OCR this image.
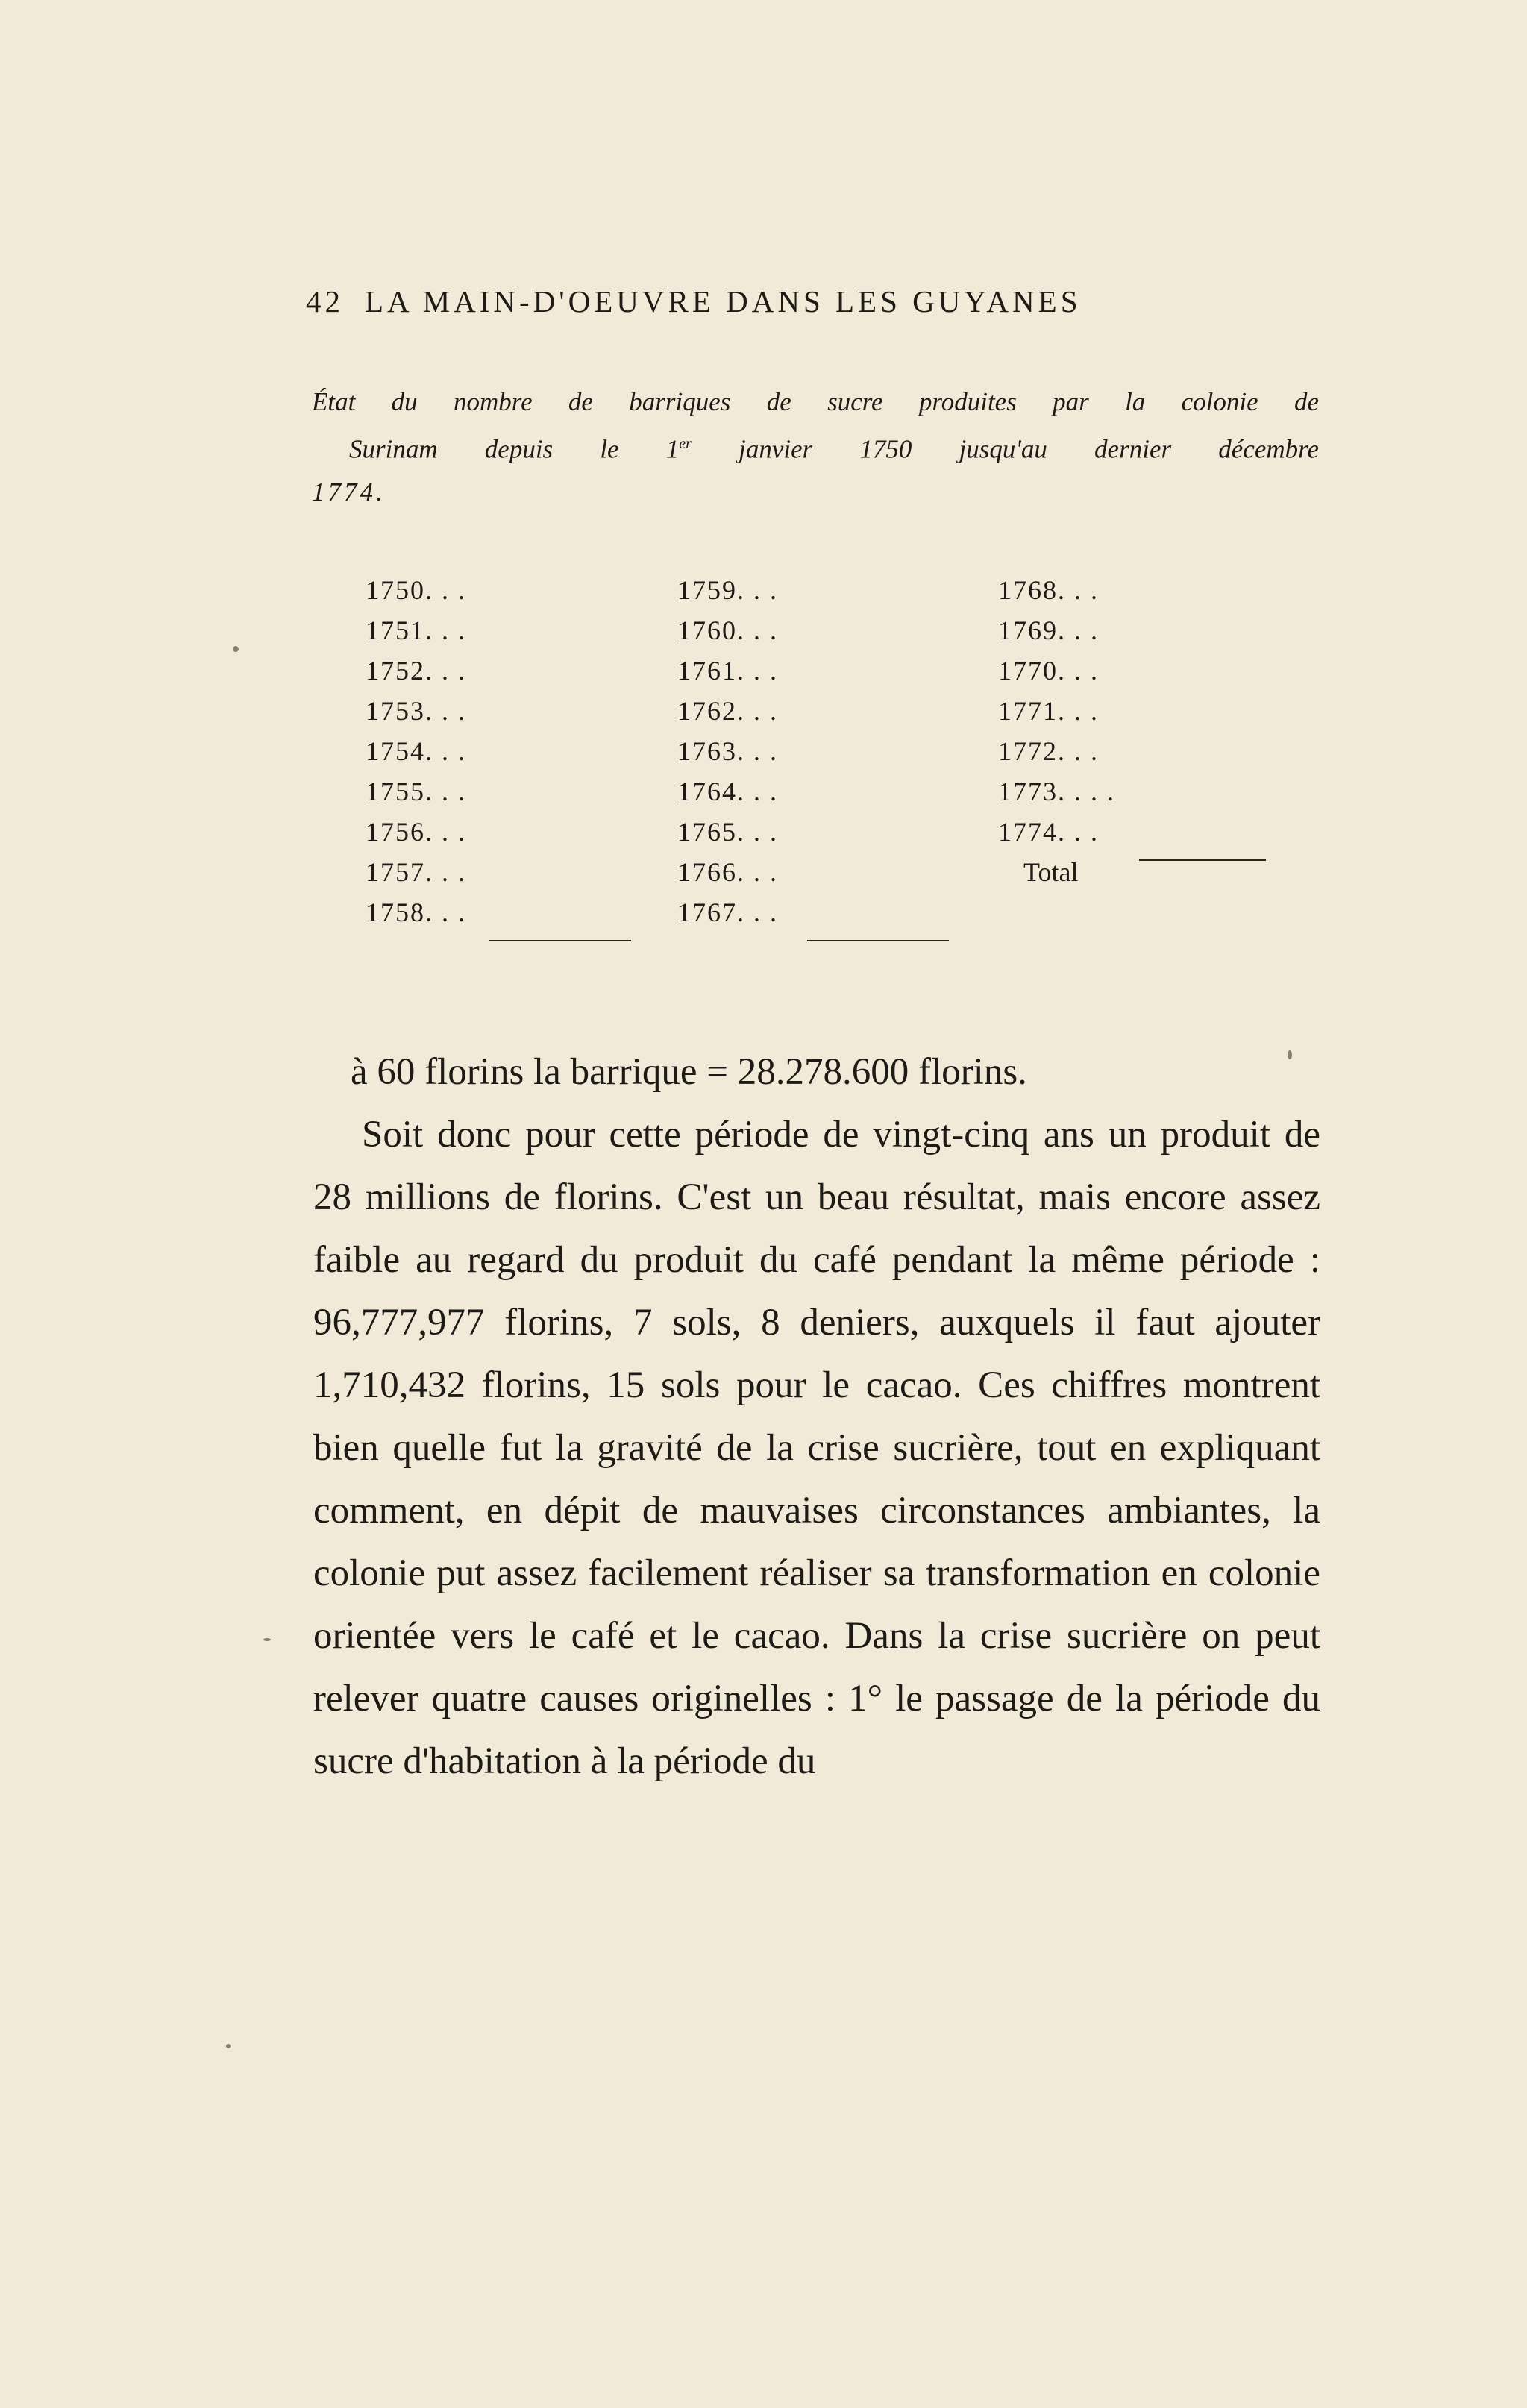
42 LA MAIN-D'OEUVRE DANS LES GUYANES
État du nombre de barriques de sucre produites par la colonie de
Surinam depuis le 1er janvier 1750 jusqu'au dernier décembre
1774.
1750. . .
1751. . .
1752. . .
1753. . .
1754. . .
1755. . .
1756. . .
1757. . .
1758. . .
1759. . .
1760. . .
1761. . .
1762. . .
1763. . .
1764. . .
1765. . .
1766. . .
1767. . .
1768. . .
1769. . .
1770. . .
1771. . .
1772. . .
1773. . . .
1774. . .
Total
à 60 florins la barrique = 28.278.600 florins.
Soit donc pour cette période de vingt-cinq ans un produit de 28 millions de florins. C'est un beau résultat, mais encore assez faible au regard du produit du café pendant la même période : 96,777,977 florins, 7 sols, 8 deniers, auxquels il faut ajouter 1,710,432 florins, 15 sols pour le cacao. Ces chiffres montrent bien quelle fut la gravité de la crise sucrière, tout en expliquant comment, en dépit de mauvaises circonstances ambiantes, la colonie put assez facilement réaliser sa transformation en colonie orientée vers le café et le cacao. Dans la crise sucrière on peut relever quatre causes originelles : 1° le passage de la période du sucre d'habitation à la période du
